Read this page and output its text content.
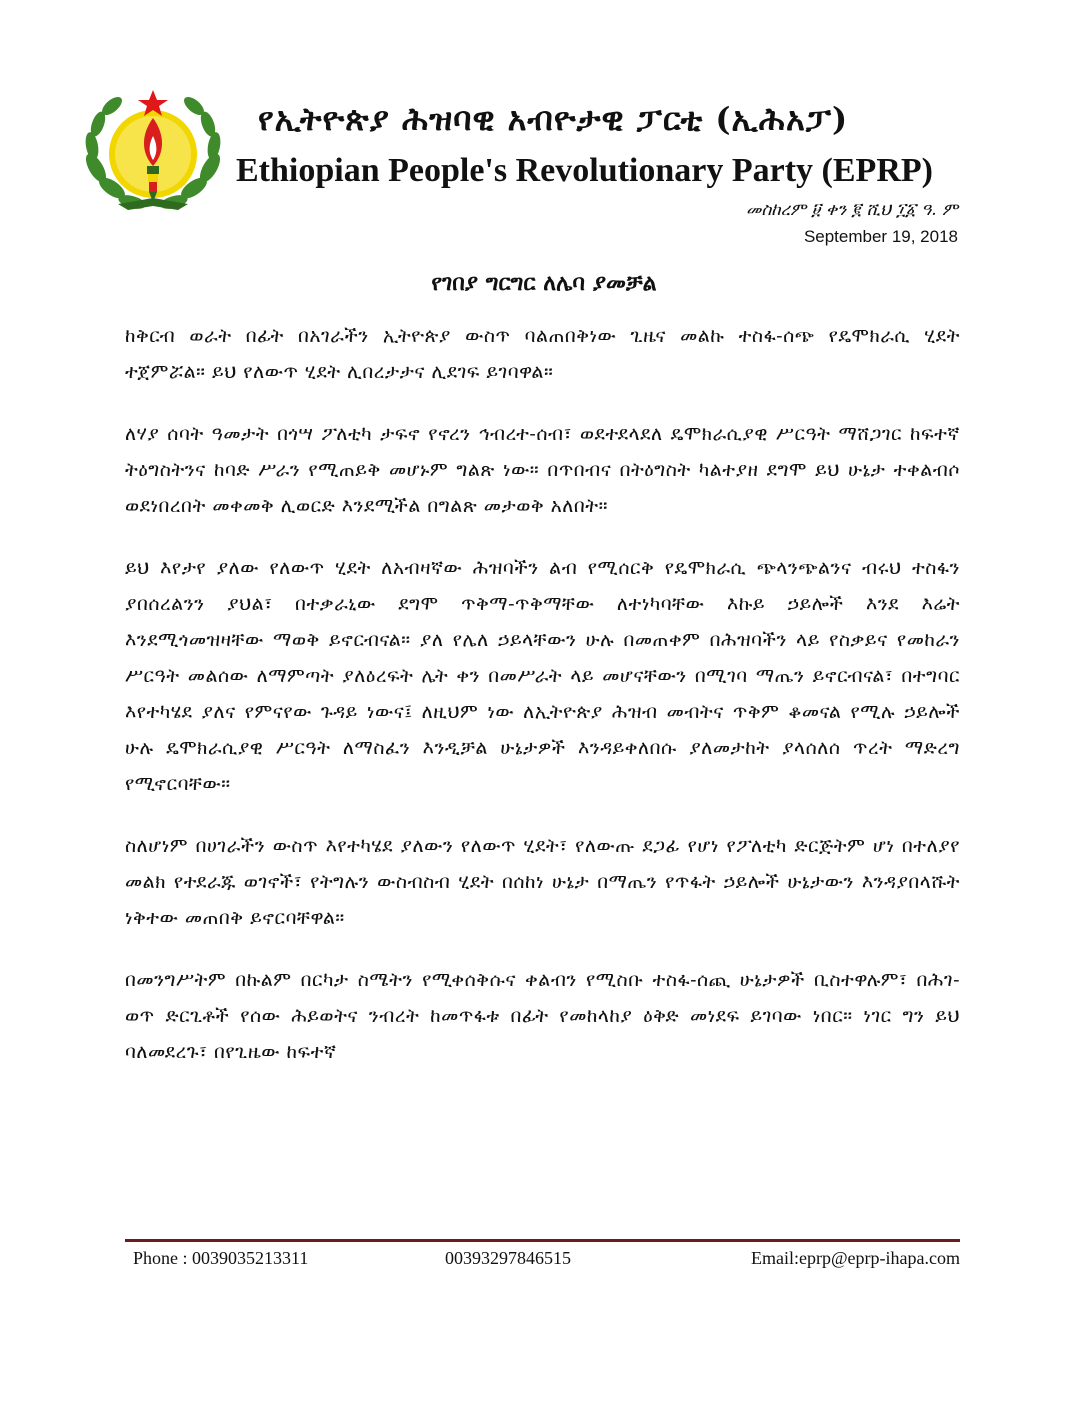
የኢትዮጵያ ሕዝባዊ አብዮታዊ ፓርቲ (ኢሕአፓ)
Ethiopian People's Revolutionary Party (EPRP)
መስከረም ፱ ቀን ፪ ሺህ ፲፩ ዓ. ም
September 19, 2018
የገበያ ግርግር ለሌባ ያመቻል

ከቅርብ ወራት በፊት በአገራችን ኢትዮጵያ ውስጥ ባልጠበቅነው ጊዜና መልኩ ተስፋ-ሰጭ የዴሞክራሲ ሂደት ተጀምሯል። ይህ የለውጥ ሂደት ሊበረታታና ሊደገፍ ይገባዋል።

ለሃያ ሰባት ዓመታት በጎሣ ፖለቲካ ታፍኖ የኖረን ኅብረተ-ሰብ፣ ወደተደላደለ ዴሞክራሲያዊ ሥርዓት ማሸጋገር ከፍተኛ ትዕግስትንና ከባድ ሥራን የሚጠይቅ መሆኑም ግልጽ ነው። በጥበብና በትዕግስት ካልተያዘ ደግሞ ይህ ሁኔታ ተቀልብሶ ወደነበረበት መቀመቅ ሊወርድ እንደሚችል በግልጽ መታወቅ አለበት።

ይህ እየታየ ያለው የለውጥ ሂደት ለአብዛኛው ሕዝባችን ልብ የሚሰርቅ የዴሞክራሲ ጭላንጭልንና ብሩህ ተስፋን ያበሰረልንን ያህል፣ በተቃራኒው ደግሞ ጥቅማ-ጥቅማቸው ለተነካባቸው እኩይ ኃይሎች እንደ እሬት እንደሚጎመዝዛቸው ማወቅ ይኖርብናል። ያለ የሌለ ኃይላቸውን ሁሉ በመጠቀም በሕዝባችን ላይ የስቃይና የመከራን ሥርዓት መልሰው ለማምጣት ያለዕረፍት ሌት ቀን በመሥራት ላይ መሆናቸውን በሚገባ ማጤን ይኖርብናል፣ በተግባር እየተካሄደ ያለና የምናየው ጉዳይ ነውና፤ ለዚህም ነው ለኢትዮጵያ ሕዝብ መብትና ጥቅም ቆመናል የሚሉ ኃይሎች ሁሉ ዴሞክራሲያዊ ሥርዓት ለማስፈን እንዲቻል ሁኔታዎች እንዳይቀለበሱ ያለመታከት ያላሰለሰ ጥረት ማድረግ የሚኖርባቸው።

ስለሆነም በሀገራችን ውስጥ እየተካሄደ ያለውን የለውጥ ሂደት፣ የለውጡ ደጋፊ የሆነ የፖለቲካ ድርጅትም ሆነ በተለያየ መልክ የተደራጁ ወገኖች፣ የትግሉን ውስብስብ ሂደት በሰከነ ሁኔታ በማጤን የጥፋት ኃይሎች ሁኔታውን እንዳያበላሹት ነቅተው መጠበቅ ይኖርባቸዋል።

በመንግሥትም በኩልም በርካታ ስሜትን የሚቀሰቅሱና ቀልብን የሚስቡ ተስፋ-ሰጪ ሁኔታዎች ቢስተዋሉም፣ በሕገ-ወጥ ድርጊቶች የሰው ሕይወትና ንብረት ከመጥፋቱ በፊት የመከላከያ ዕቅድ መነደፍ ይገባው ነበር። ነገር ግን ይህ ባለመደረጉ፣ በየጊዜው ከፍተኛ

Phone : 0039035213311	00393297846515	Email:eprp@eprp-ihapa.com
